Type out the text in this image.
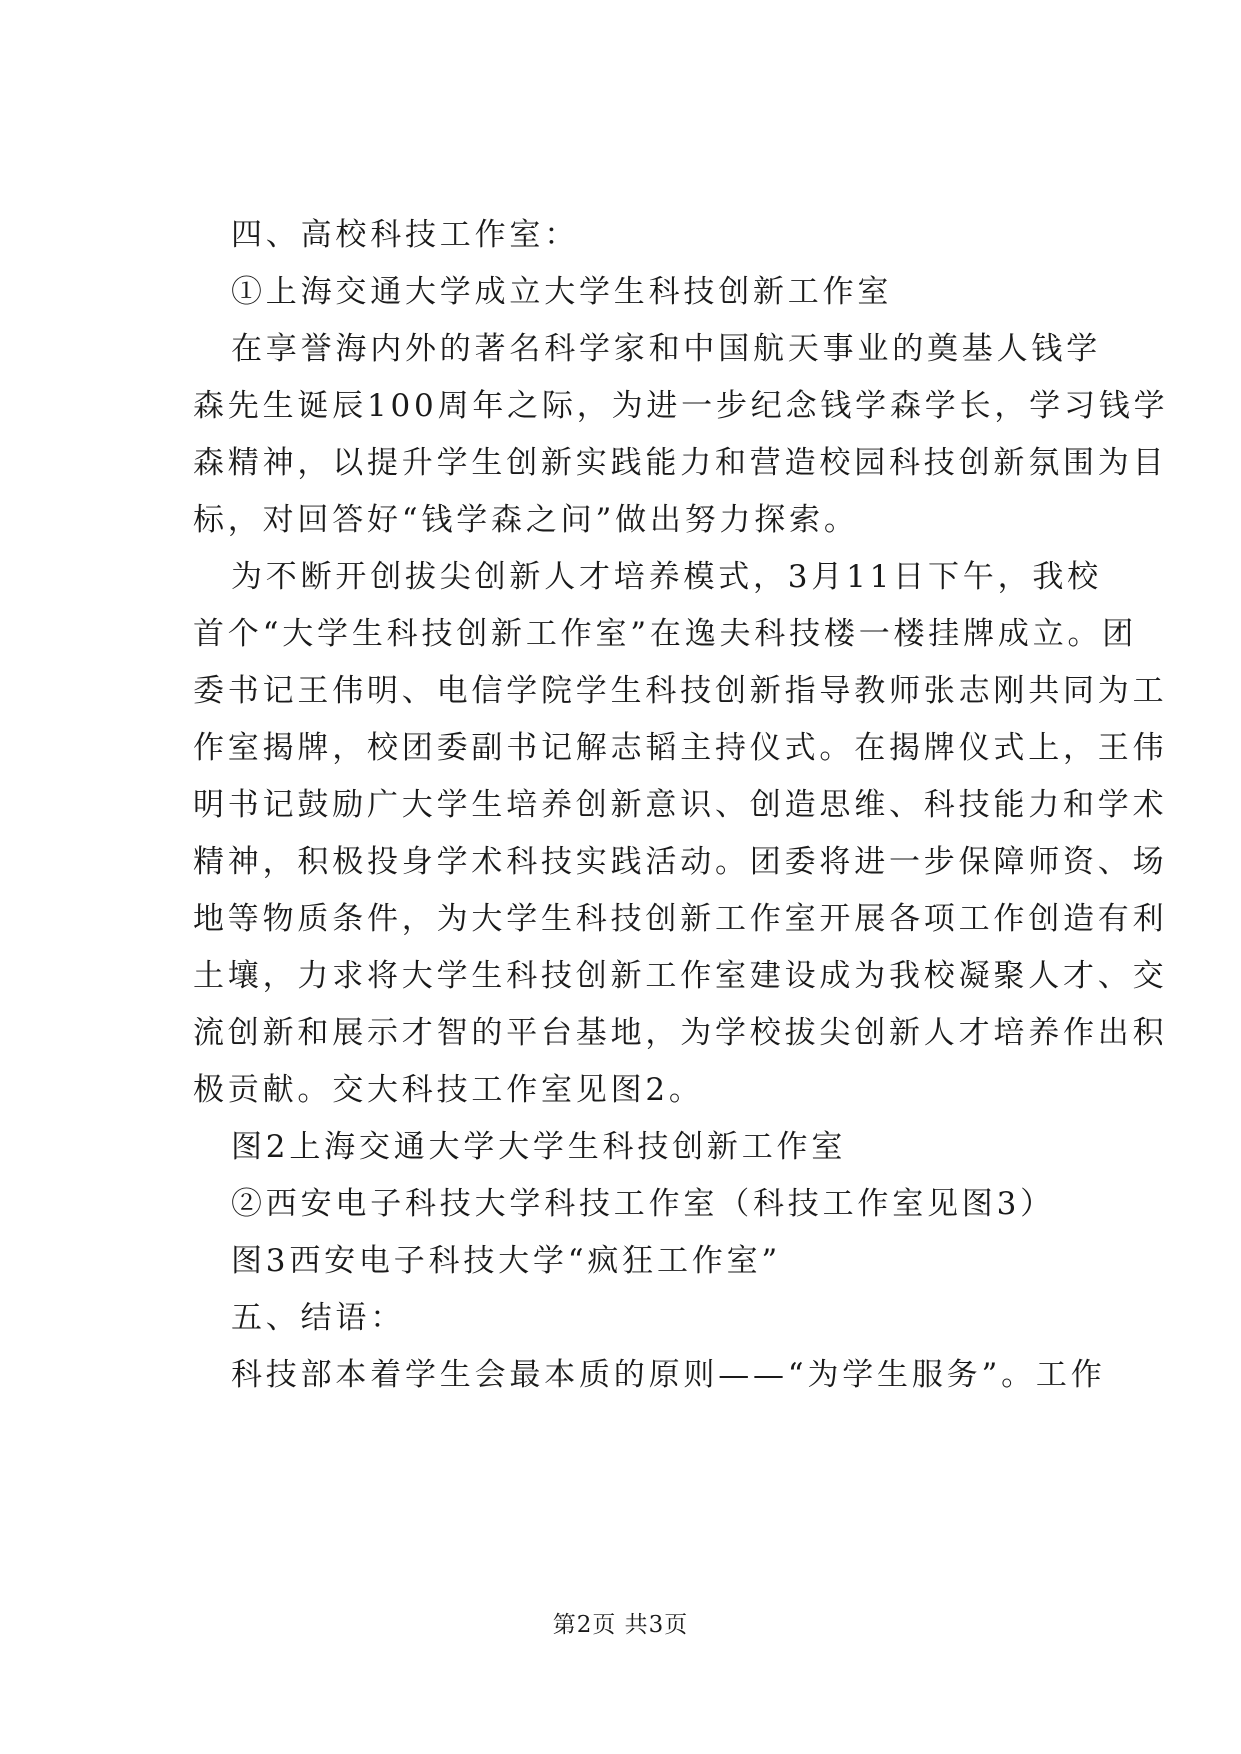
四、高校科技工作室：
①上海交通大学成立大学生科技创新工作室
在享誉海内外的著名科学家和中国航天事业的奠基人钱学
森先生诞辰100周年之际，为进一步纪念钱学森学长，学习钱学
森精神，以提升学生创新实践能力和营造校园科技创新氛围为目
标，对回答好“钱学森之问”做出努力探索。
为不断开创拔尖创新人才培养模式，3月11日下午，我校
首个“大学生科技创新工作室”在逸夫科技楼一楼挂牌成立。团
委书记王伟明、电信学院学生科技创新指导教师张志刚共同为工
作室揭牌，校团委副书记解志韬主持仪式。在揭牌仪式上，王伟
明书记鼓励广大学生培养创新意识、创造思维、科技能力和学术
精神，积极投身学术科技实践活动。团委将进一步保障师资、场
地等物质条件，为大学生科技创新工作室开展各项工作创造有利
土壤，力求将大学生科技创新工作室建设成为我校凝聚人才、交
流创新和展示才智的平台基地，为学校拔尖创新人才培养作出积
极贡献。交大科技工作室见图2。
图2上海交通大学大学生科技创新工作室
②西安电子科技大学科技工作室（科技工作室见图3）
图3西安电子科技大学“疯狂工作室”
五、结语：
科技部本着学生会最本质的原则——“为学生服务”。工作
第2页 共3页
